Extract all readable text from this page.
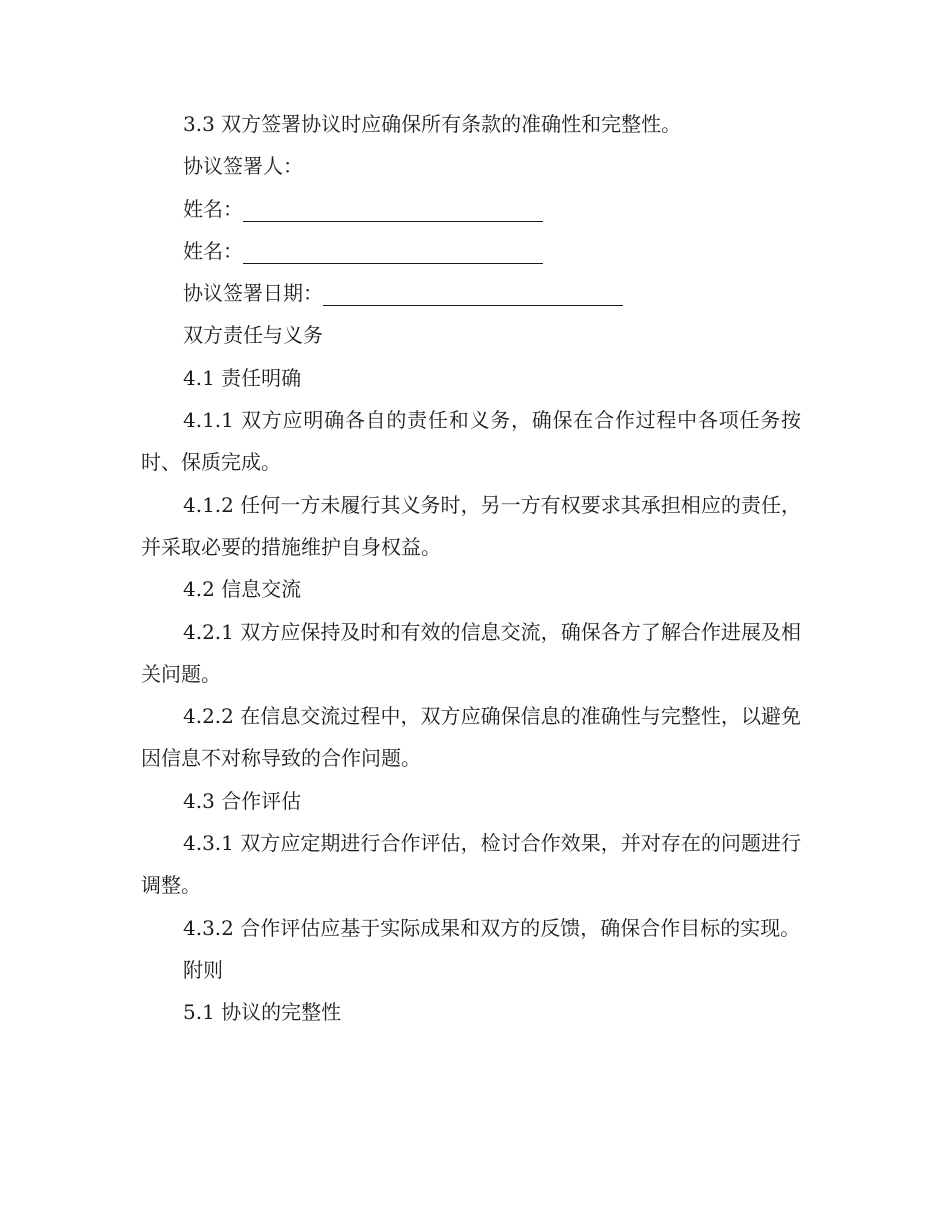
3.3 双方签署协议时应确保所有条款的准确性和完整性。

协议签署人：

姓名：

姓名：

协议签署日期：

双方责任与义务

4.1 责任明确

4.1.1 双方应明确各自的责任和义务，确保在合作过程中各项任务按时、保质完成。

4.1.2 任何一方未履行其义务时，另一方有权要求其承担相应的责任，并采取必要的措施维护自身权益。

4.2 信息交流

4.2.1 双方应保持及时和有效的信息交流，确保各方了解合作进展及相关问题。

4.2.2 在信息交流过程中，双方应确保信息的准确性与完整性，以避免因信息不对称导致的合作问题。

4.3 合作评估

4.3.1 双方应定期进行合作评估，检讨合作效果，并对存在的问题进行调整。

4.3.2 合作评估应基于实际成果和双方的反馈，确保合作目标的实现。

附则

5.1 协议的完整性
